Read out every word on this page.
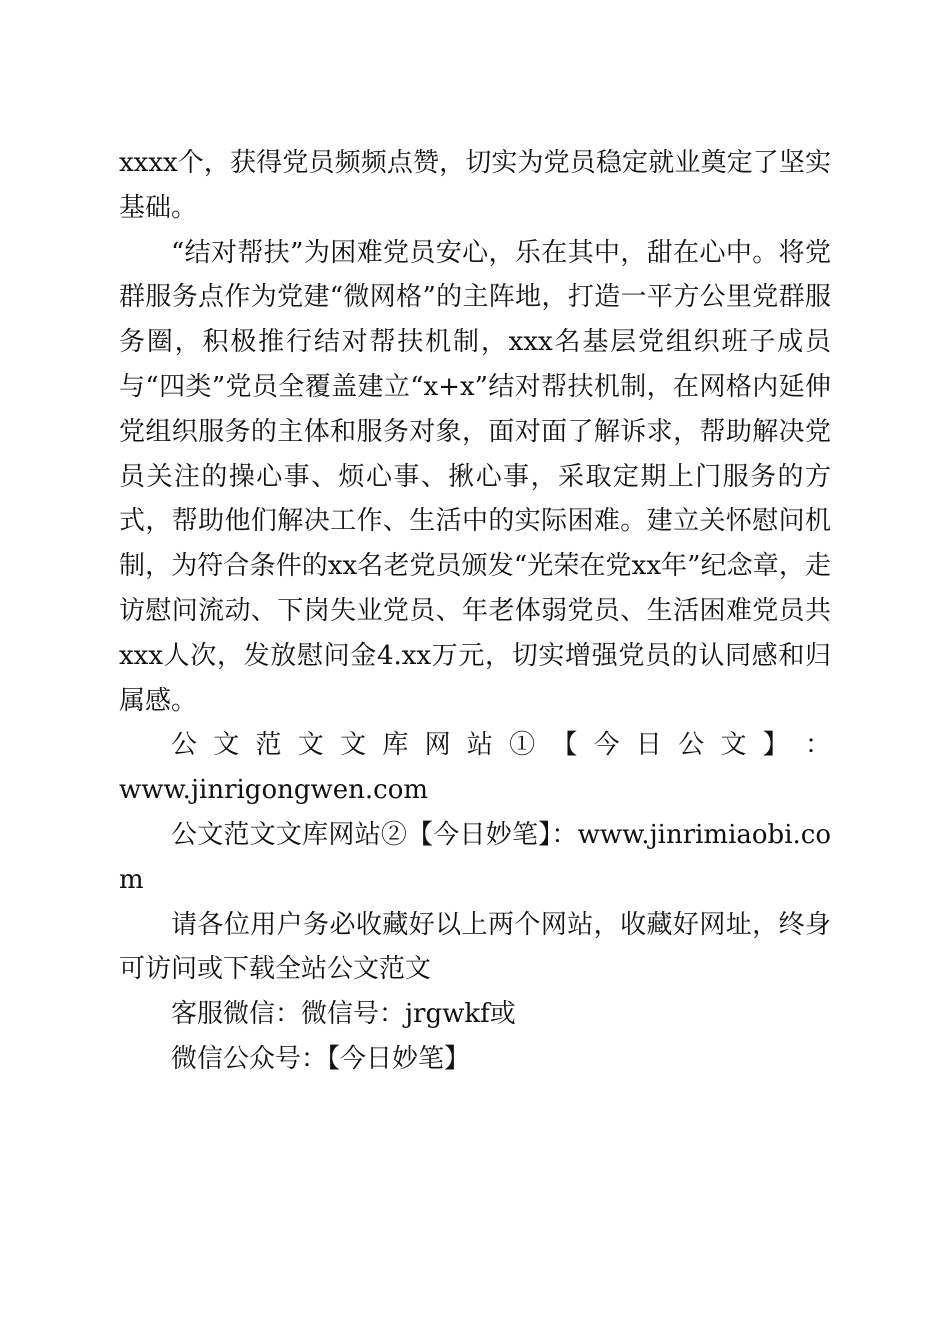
xxxx个，获得党员频频点赞，切实为党员稳定就业奠定了坚实基础。

“结对帮扶”为困难党员安心，乐在其中，甜在心中。将党群服务点作为党建“微网格”的主阵地，打造一平方公里党群服务圈，积极推行结对帮扶机制，xxx名基层党组织班子成员与“四类”党员全覆盖建立“x+x”结对帮扶机制，在网格内延伸党组织服务的主体和服务对象，面对面了解诉求，帮助解决党员关注的操心事、烦心事、揪心事，采取定期上门服务的方式，帮助他们解决工作、生活中的实际困难。建立关怀慰问机制，为符合条件的xx名老党员颁发“光荣在党xx年”纪念章，走访慰问流动、下岗失业党员、年老体弱党员、生活困难党员共xxx人次，发放慰问金4.xx万元，切实增强党员的认同感和归属感。

公 文 范 文 文 库 网 站 ① 【 今 日 公 文 】 ：

www.jinrigongwen.com

公文范文文库网站②【今日妙笔】：www.jinrimiaobi.com

请各位用户务必收藏好以上两个网站，收藏好网址，终身可访问或下载全站公文范文

客服微信：微信号：jrgwkf或

微信公众号：【今日妙笔】
